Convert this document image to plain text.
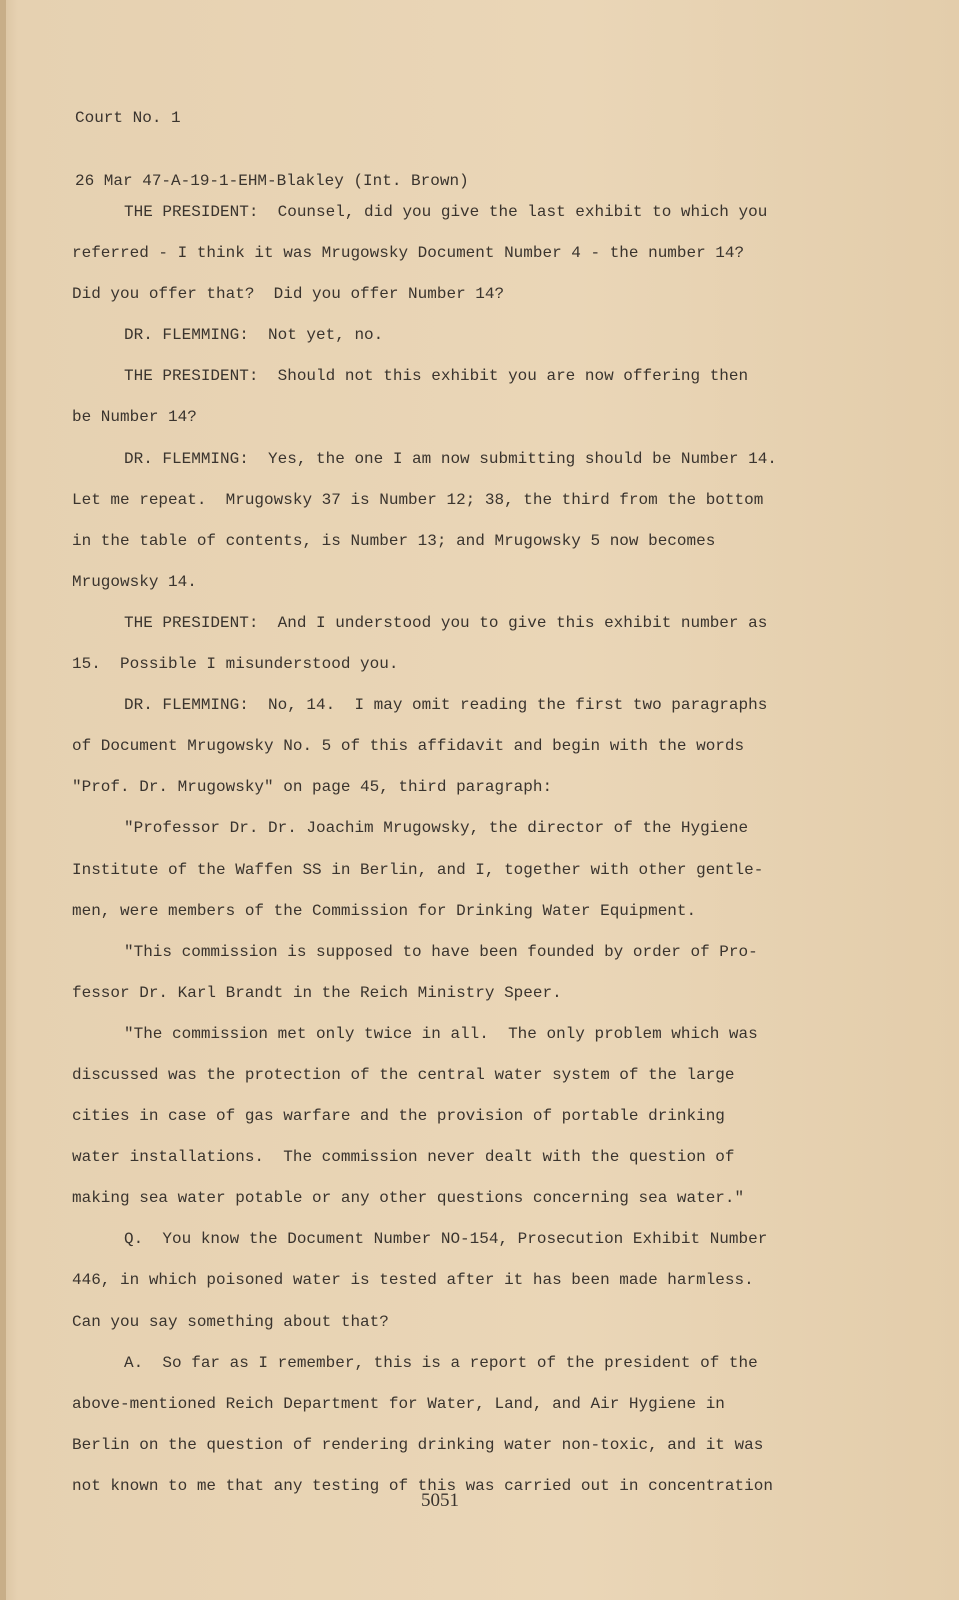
Court No. 1

26 Mar 47-A-19-1-EHM-Blakley (Int. Brown)

THE PRESIDENT:  Counsel, did you give the last exhibit to which you
referred - I think it was Mrugowsky Document Number 4 - the number 14?
Did you offer that?  Did you offer Number 14?
DR. FLEMMING:  Not yet, no.
THE PRESIDENT:  Should not this exhibit you are now offering then
be Number 14?
DR. FLEMMING:  Yes, the one I am now submitting should be Number 14.
Let me repeat.  Mrugowsky 37 is Number 12; 38, the third from the bottom
in the table of contents, is Number 13; and Mrugowsky 5 now becomes
Mrugowsky 14.
THE PRESIDENT:  And I understood you to give this exhibit number as
15.  Possible I misunderstood you.
DR. FLEMMING:  No, 14.  I may omit reading the first two paragraphs
of Document Mrugowsky No. 5 of this affidavit and begin with the words
"Prof. Dr. Mrugowsky" on page 45, third paragraph:
"Professor Dr. Dr. Joachim Mrugowsky, the director of the Hygiene
Institute of the Waffen SS in Berlin, and I, together with other gentle-
men, were members of the Commission for Drinking Water Equipment.
"This commission is supposed to have been founded by order of Pro-
fessor Dr. Karl Brandt in the Reich Ministry Speer.
"The commission met only twice in all.  The only problem which was
discussed was the protection of the central water system of the large
cities in case of gas warfare and the provision of portable drinking
water installations.  The commission never dealt with the question of
making sea water potable or any other questions concerning sea water."
Q.  You know the Document Number NO-154, Prosecution Exhibit Number
446, in which poisoned water is tested after it has been made harmless.
Can you say something about that?
A.  So far as I remember, this is a report of the president of the
above-mentioned Reich Department for Water, Land, and Air Hygiene in
Berlin on the question of rendering drinking water non-toxic, and it was
not known to me that any testing of this was carried out in concentration
5051
